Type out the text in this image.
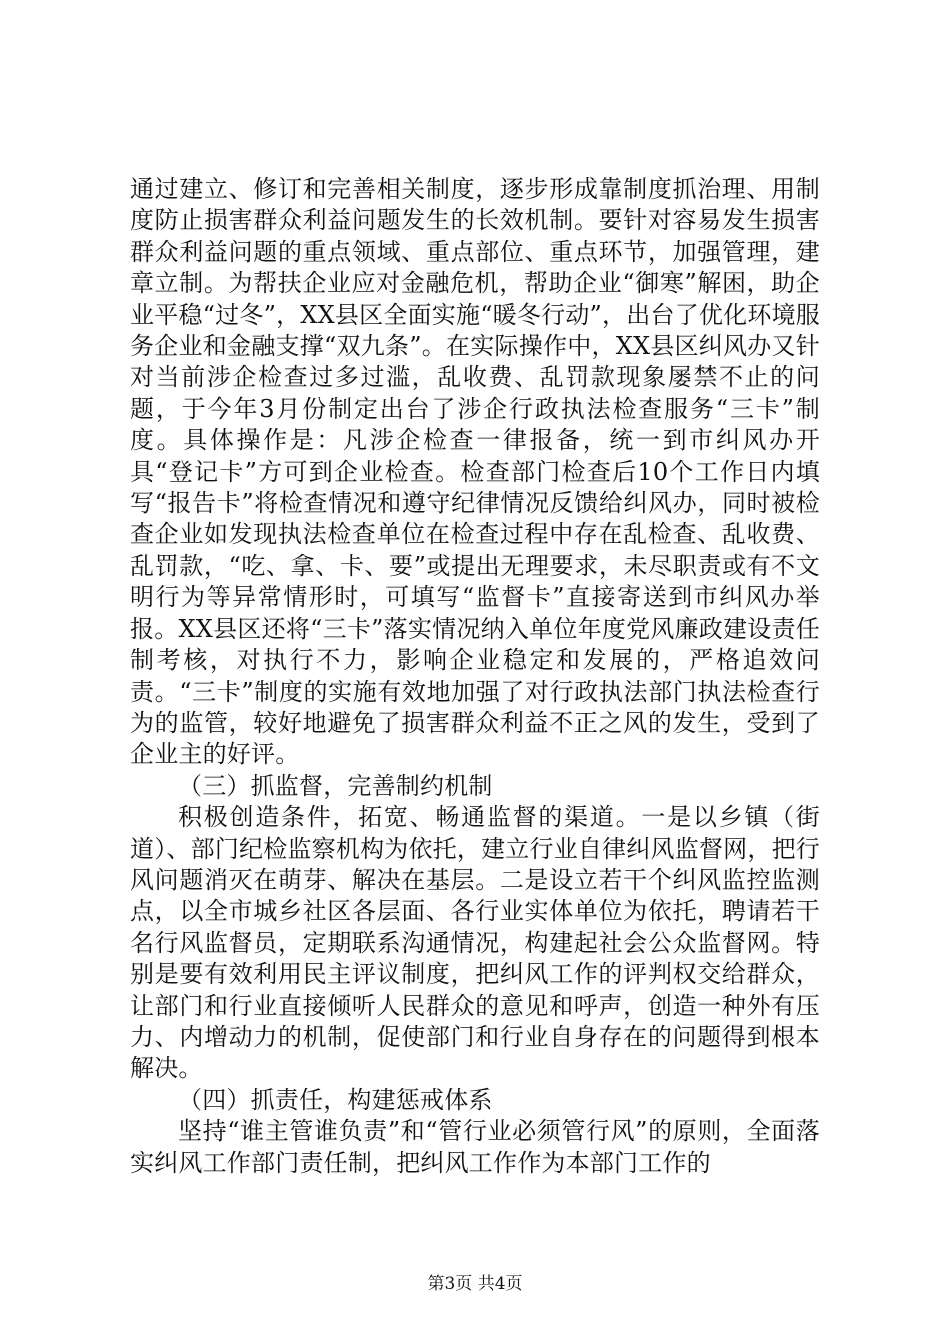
通过建立、修订和完善相关制度，逐步形成靠制度抓治理、用制度防止损害群众利益问题发生的长效机制。要针对容易发生损害群众利益问题的重点领域、重点部位、重点环节，加强管理，建章立制。为帮扶企业应对金融危机，帮助企业“御寒”解困，助企业平稳“过冬”，XX县区全面实施“暖冬行动”，出台了优化环境服务企业和金融支撑“双九条”。在实际操作中，XX县区纠风办又针对当前涉企检查过多过滥，乱收费、乱罚款现象屡禁不止的问题，于今年3月份制定出台了涉企行政执法检查服务“三卡”制度。具体操作是：凡涉企检查一律报备，统一到市纠风办开具“登记卡”方可到企业检查。检查部门检查后10个工作日内填写“报告卡”将检查情况和遵守纪律情况反馈给纠风办，同时被检查企业如发现执法检查单位在检查过程中存在乱检查、乱收费、乱罚款，“吃、拿、卡、要”或提出无理要求，未尽职责或有不文明行为等异常情形时，可填写“监督卡”直接寄送到市纠风办举报。XX县区还将“三卡”落实情况纳入单位年度党风廉政建设责任制考核，对执行不力，影响企业稳定和发展的，严格追效问责。“三卡”制度的实施有效地加强了对行政执法部门执法检查行为的监管，较好地避免了损害群众利益不正之风的发生，受到了企业主的好评。

（三）抓监督，完善制约机制

积极创造条件，拓宽、畅通监督的渠道。一是以乡镇（街道）、部门纪检监察机构为依托，建立行业自律纠风监督网，把行风问题消灭在萌芽、解决在基层。二是设立若干个纠风监控监测点，以全市城乡社区各层面、各行业实体单位为依托，聘请若干名行风监督员，定期联系沟通情况，构建起社会公众监督网。特别是要有效利用民主评议制度，把纠风工作的评判权交给群众，让部门和行业直接倾听人民群众的意见和呼声，创造一种外有压力、内增动力的机制，促使部门和行业自身存在的问题得到根本解决。

（四）抓责任，构建惩戒体系

坚持“谁主管谁负责”和“管行业必须管行风”的原则，全面落实纠风工作部门责任制，把纠风工作作为本部门工作的

第3页 共4页
